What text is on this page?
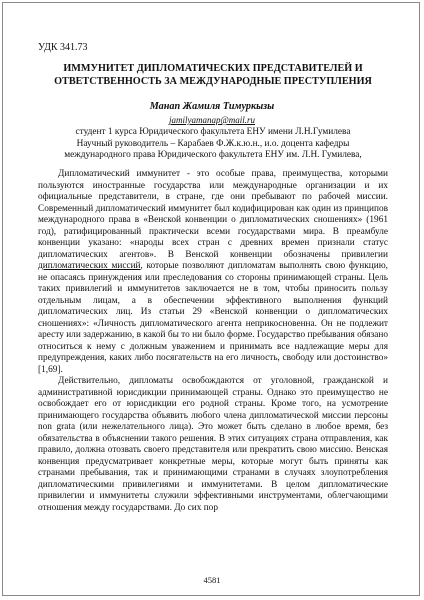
УДК 341.73
ИММУНИТЕТ ДИПЛОМАТИЧЕСКИХ ПРЕДСТАВИТЕЛЕЙ И ОТВЕТСТВЕННОСТЬ ЗА МЕЖДУНАРОДНЫЕ ПРЕСТУПЛЕНИЯ
Манап Жамиля Тимуркызы
jamilyamanap@mail.ru
студент 1 курса Юридического факультета ЕНУ имени Л.Н.Гумилева
Научный руководитель – Карабаев Ф.Ж.к.ю.н., и.о. доцента кафедры
международного права Юридического факультета ЕНУ им. Л.Н. Гумилева,

Дипломатический иммунитет - это особые права, преимущества, которыми пользуются иностранные государства или международные организации и их официальные представители, в стране, где они пребывают по рабочей миссии. Современный дипломатический иммунитет был кодифицирован как один из принципов международного права в «Венской конвенции о дипломатических сношениях» (1961 год), ратифицированный практически всеми государствами мира. В преамбуле конвенции указано: «народы всех стран с древних времен признали статус дипломатических агентов». В Венской конвенции обозначены привилегии дипломатических миссий, которые позволяют дипломатам выполнять свою функцию, не опасаясь принуждения или преследования со стороны принимающей страны. Цель таких привилегий и иммунитетов заключается не в том, чтобы приносить пользу отдельным лицам, а в обеспечении эффективного выполнения функций дипломатических лиц. Из статьи 29 «Венской конвенции о дипломатических сношениях»: «Личность дипломатического агента неприкосновенна. Он не подлежит аресту или задержанию, в какой бы то ни было форме. Государство пребывания обязано относиться к нему с должным уважением и принимать все надлежащие меры для предупреждения, каких либо посягательств на его личность, свободу или достоинство» [1,69].

Действительно, дипломаты освобождаются от уголовной, гражданской и административной юрисдикции принимающей страны. Однако это преимущество не освобождает его от юрисдикции его родной страны. Кроме того, на усмотрение принимающего государства объявить любого члена дипломатической миссии персоны non grata (или нежелательного лица). Это может быть сделано в любое время, без обязательства в объяснении такого решения. В этих ситуациях страна отправления, как правило, должна отозвать своего представителя или прекратить свою миссию. Венская конвенция предусматривает конкретные меры, которые могут быть приняты как странами пребывания, так и принимающими странами в случаях злоупотребления дипломатическими привилегиями и иммунитетами. В целом дипломатические привилегии и иммунитеты служили эффективными инструментами, облегчающими отношения между государствами. До сих пор

4581
